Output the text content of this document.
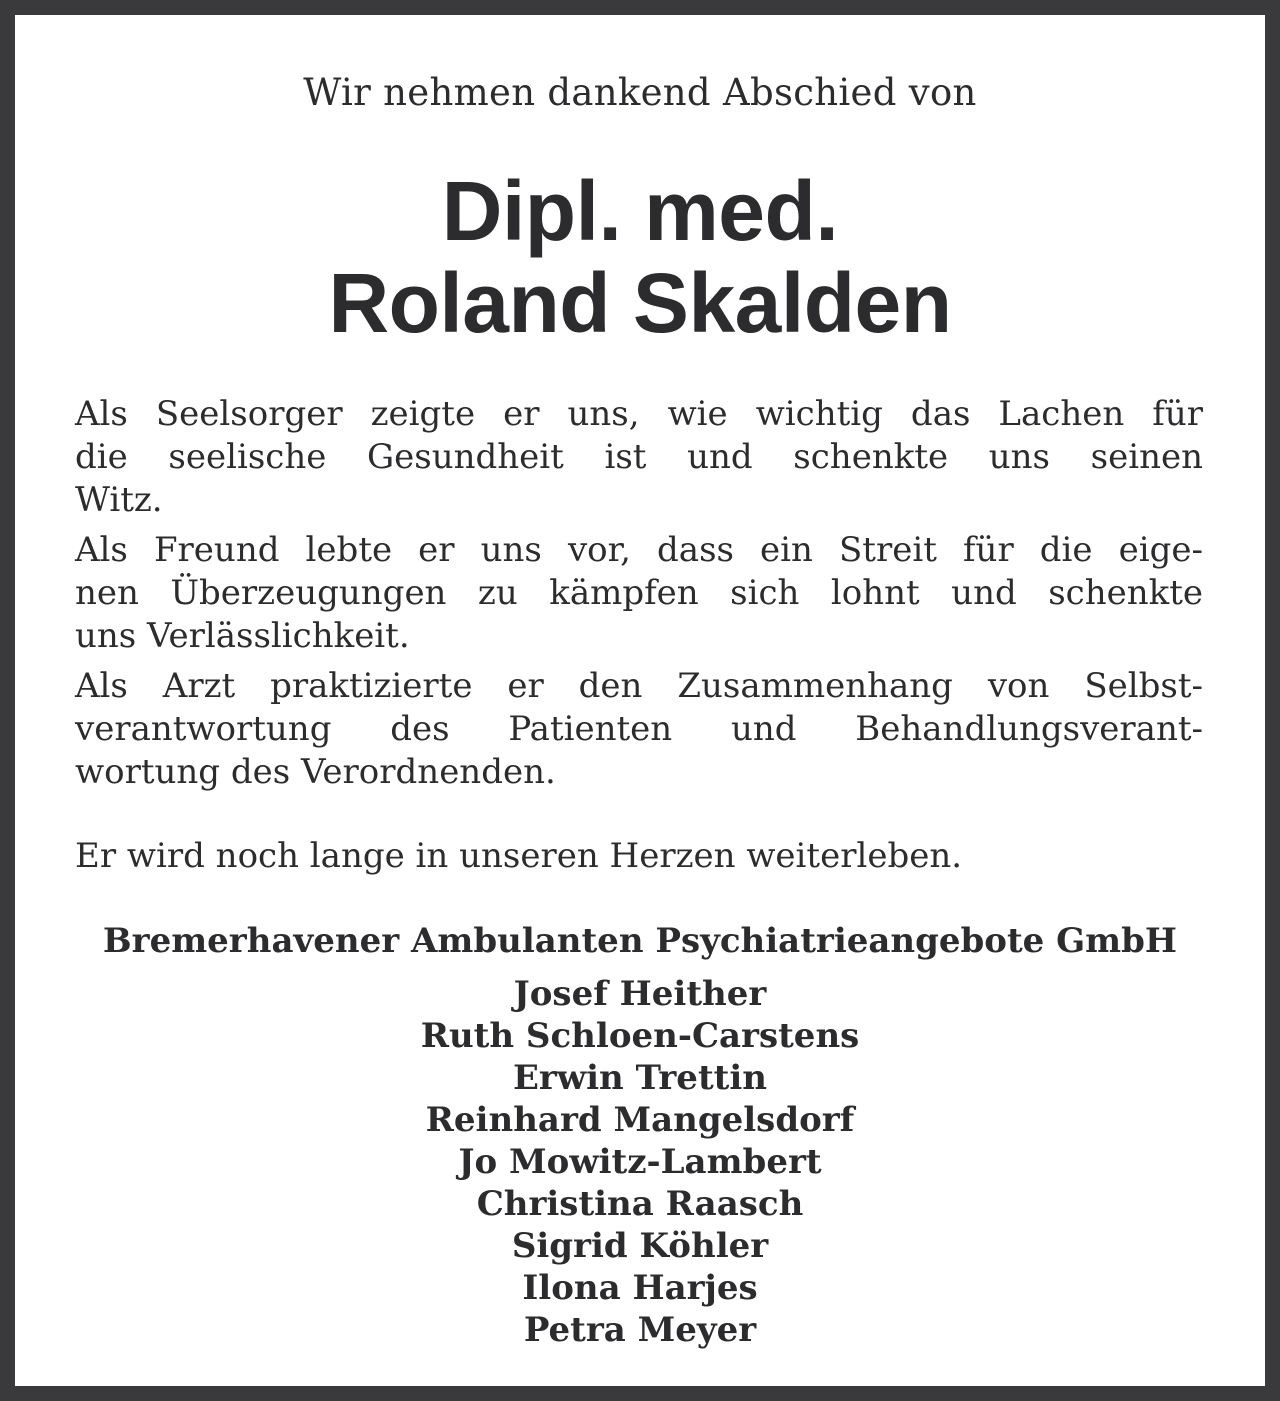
Wir nehmen dankend Abschied von
Dipl. med.
Roland Skalden
Als Seelsorger zeigte er uns, wie wichtig das Lachen für
die seelische Gesundheit ist und schenkte uns seinen
Witz.
Als Freund lebte er uns vor, dass ein Streit für die eige-
nen Überzeugungen zu kämpfen sich lohnt und schenkte
uns Verlässlichkeit.
Als Arzt praktizierte er den Zusammenhang von Selbst-
verantwortung des Patienten und Behandlungsverant-
wortung des Verordnenden.
Er wird noch lange in unseren Herzen weiterleben.
Bremerhavener Ambulanten Psychiatrieangebote GmbH
Josef Heither
Ruth Schloen-Carstens
Erwin Trettin
Reinhard Mangelsdorf
Jo Mowitz-Lambert
Christina Raasch
Sigrid Köhler
Ilona Harjes
Petra Meyer
